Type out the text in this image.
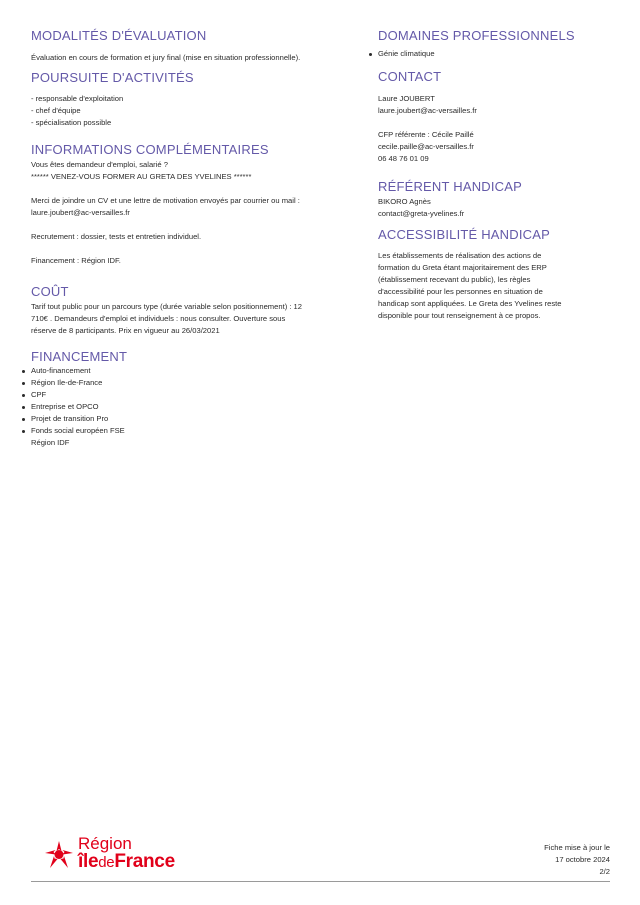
MODALITÉS D'ÉVALUATION

Évaluation en cours de formation et jury final (mise en situation professionnelle).

POURSUITE D'ACTIVITÉS

- responsable d'exploitation

- chef d'équipe

- spécialisation possible

INFORMATIONS COMPLÉMENTAIRES

Vous êtes demandeur d'emploi, salarié ?

****** VENEZ-VOUS FORMER AU GRETA DES YVELINES ******

Merci de joindre un CV et une lettre de motivation envoyés par courrier ou mail :

laure.joubert@ac-versailles.fr

Recrutement : dossier, tests et entretien individuel.

Financement : Région IDF.

COÛT

Tarif tout public pour un parcours type (durée variable selon positionnement) : 12

710€ . Demandeurs d'emploi et individuels : nous consulter. Ouverture sous

réserve de 8 participants. Prix en vigueur au 26/03/2021

FINANCEMENT
Auto-financement
Région Ile-de-France
CPF
Entreprise et OPCO
Projet de transition Pro
Fonds social européen FSE
Région IDF
DOMAINES PROFESSIONNELS
Génie climatique
CONTACT

Laure JOUBERT

laure.joubert@ac-versailles.fr

CFP référente : Cécile Paillé

cecile.paille@ac-versailles.fr

06 48 76 01 09

RÉFÉRENT HANDICAP

BIKORO Agnès

contact@greta-yvelines.fr

ACCESSIBILITÉ HANDICAP

Les établissements de réalisation des actions de

formation du Greta étant majoritairement des ERP

(établissement recevant du public), les règles

d'accessibilité pour les personnes en situation de

handicap sont appliquées. Le Greta des Yvelines reste

disponible pour tout renseignement à ce propos.

Région
îledeFrance
Fiche mise à jour le
17 octobre 2024
2/2
